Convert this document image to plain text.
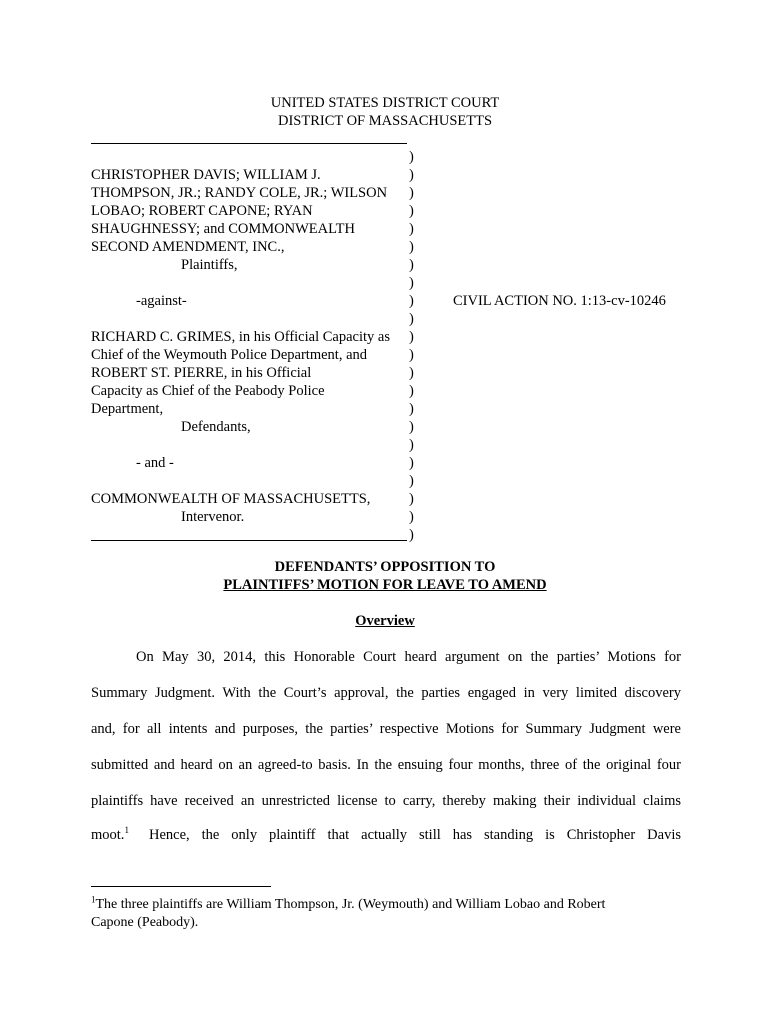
UNITED STATES DISTRICT COURT
DISTRICT OF MASSACHUSETTS
CHRISTOPHER DAVIS; WILLIAM J.
THOMPSON, JR.; RANDY COLE, JR.; WILSON
LOBAO; ROBERT CAPONE; RYAN
SHAUGHNESSY; and COMMONWEALTH
SECOND AMENDMENT, INC.,
Plaintiffs,
-against-
RICHARD C. GRIMES, in his Official Capacity as
Chief of the Weymouth Police Department, and
ROBERT ST. PIERRE, in his Official
Capacity as Chief of the Peabody Police
Department,
Defendants,
- and -
COMMONWEALTH OF MASSACHUSETTS,
Intervenor.
)
)
)
)
)
)
)
)
)
)
)
)
)
)
)
)
)
)
)
)
)
)
CIVIL ACTION NO. 1:13-cv-10246
DEFENDANTS’ OPPOSITION TO
PLAINTIFFS’ MOTION FOR LEAVE TO AMEND
Overview
On May 30, 2014, this Honorable Court heard argument on the parties’ Motions for
Summary Judgment. With the Court’s approval, the parties engaged in very limited discovery
and, for all intents and purposes, the parties’ respective Motions for Summary Judgment were
submitted and heard on an agreed-to basis. In the ensuing four months, three of the original four
plaintiffs have received an unrestricted license to carry, thereby making their individual claims
moot.$^1$	Hence, the only plaintiff that actually still has standing is Christopher Davis
$^1$The three plaintiffs are William Thompson, Jr. (Weymouth) and William Lobao and Robert
Capone (Peabody).
